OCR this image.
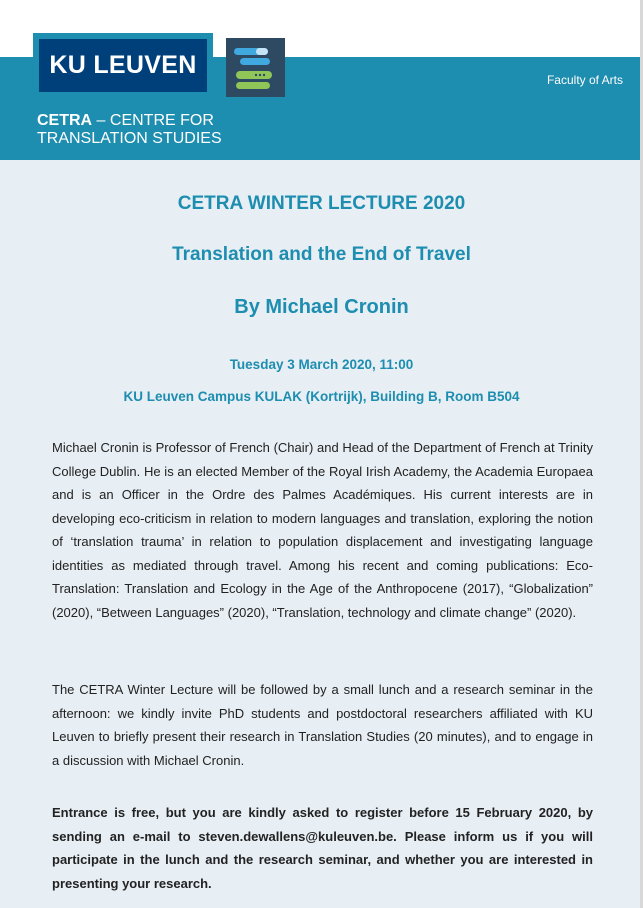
KU LEUVEN
Faculty of Arts
CETRA – CENTRE FOR
TRANSLATION STUDIES
CETRA WINTER LECTURE 2020
Translation and the End of Travel
By Michael Cronin
Tuesday 3 March 2020, 11:00
KU Leuven Campus KULAK (Kortrijk), Building B, Room B504

Michael Cronin is Professor of French (Chair) and Head of the Department of French at Trinity College Dublin. He is an elected Member of the Royal Irish Academy, the Academia Europaea and is an Officer in the Ordre des Palmes Académiques. His current interests are in developing eco-criticism in relation to modern languages and translation, exploring the notion of ‘translation trauma’ in relation to population displacement and investigating language identities as mediated through travel. Among his recent and coming publications: Eco-Translation: Translation and Ecology in the Age of the Anthropocene (2017), “Globalization” (2020), “Between Languages” (2020), “Translation, technology and climate change” (2020).

The CETRA Winter Lecture will be followed by a small lunch and a research seminar in the afternoon: we kindly invite PhD students and postdoctoral researchers affiliated with KU Leuven to briefly present their research in Translation Studies (20 minutes), and to engage in a discussion with Michael Cronin.

Entrance is free, but you are kindly asked to register before 15 February 2020, by sending an e-mail to steven.dewallens@kuleuven.be. Please inform us if you will participate in the lunch and the research seminar, and whether you are interested in presenting your research.
